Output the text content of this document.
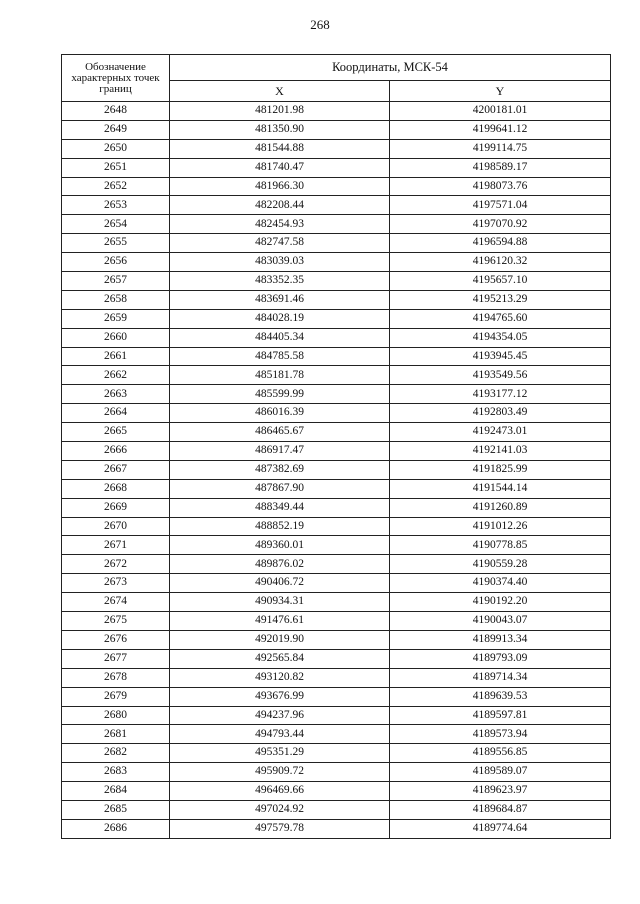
268
Обозначение характерных точек границ	Координаты, МСК-54	
	X	Y
2648	481201.98	4200181.01
2649	481350.90	4199641.12
2650	481544.88	4199114.75
2651	481740.47	4198589.17
2652	481966.30	4198073.76
2653	482208.44	4197571.04
2654	482454.93	4197070.92
2655	482747.58	4196594.88
2656	483039.03	4196120.32
2657	483352.35	4195657.10
2658	483691.46	4195213.29
2659	484028.19	4194765.60
2660	484405.34	4194354.05
2661	484785.58	4193945.45
2662	485181.78	4193549.56
2663	485599.99	4193177.12
2664	486016.39	4192803.49
2665	486465.67	4192473.01
2666	486917.47	4192141.03
2667	487382.69	4191825.99
2668	487867.90	4191544.14
2669	488349.44	4191260.89
2670	488852.19	4191012.26
2671	489360.01	4190778.85
2672	489876.02	4190559.28
2673	490406.72	4190374.40
2674	490934.31	4190192.20
2675	491476.61	4190043.07
2676	492019.90	4189913.34
2677	492565.84	4189793.09
2678	493120.82	4189714.34
2679	493676.99	4189639.53
2680	494237.96	4189597.81
2681	494793.44	4189573.94
2682	495351.29	4189556.85
2683	495909.72	4189589.07
2684	496469.66	4189623.97
2685	497024.92	4189684.87
2686	497579.78	4189774.64
